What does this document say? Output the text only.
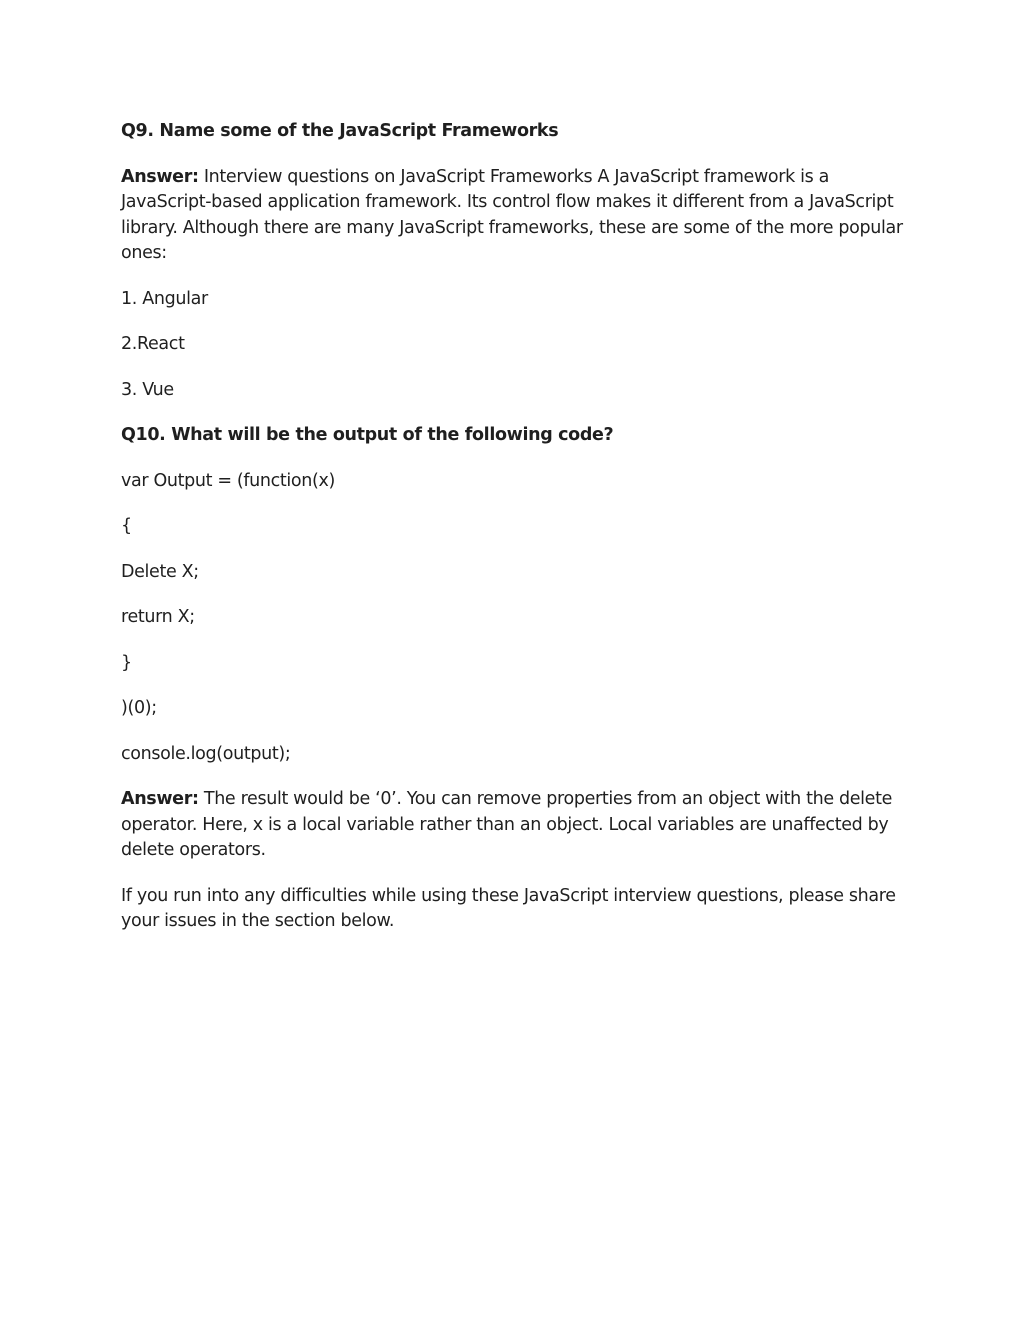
Q9. Name some of the JavaScript Frameworks

Answer: Interview questions on JavaScript Frameworks A JavaScript framework is a JavaScript-based application framework. Its control flow makes it different from a JavaScript library. Although there are many JavaScript frameworks, these are some of the more popular ones:

1. Angular

2.React

3. Vue

Q10. What will be the output of the following code?

var Output = (function(x)

{

Delete X;

return X;

}

)(0);

console.log(output);

Answer: The result would be ‘0’. You can remove properties from an object with the delete operator. Here, x is a local variable rather than an object. Local variables are unaffected by delete operators.

If you run into any difficulties while using these JavaScript interview questions, please share your issues in the section below.
